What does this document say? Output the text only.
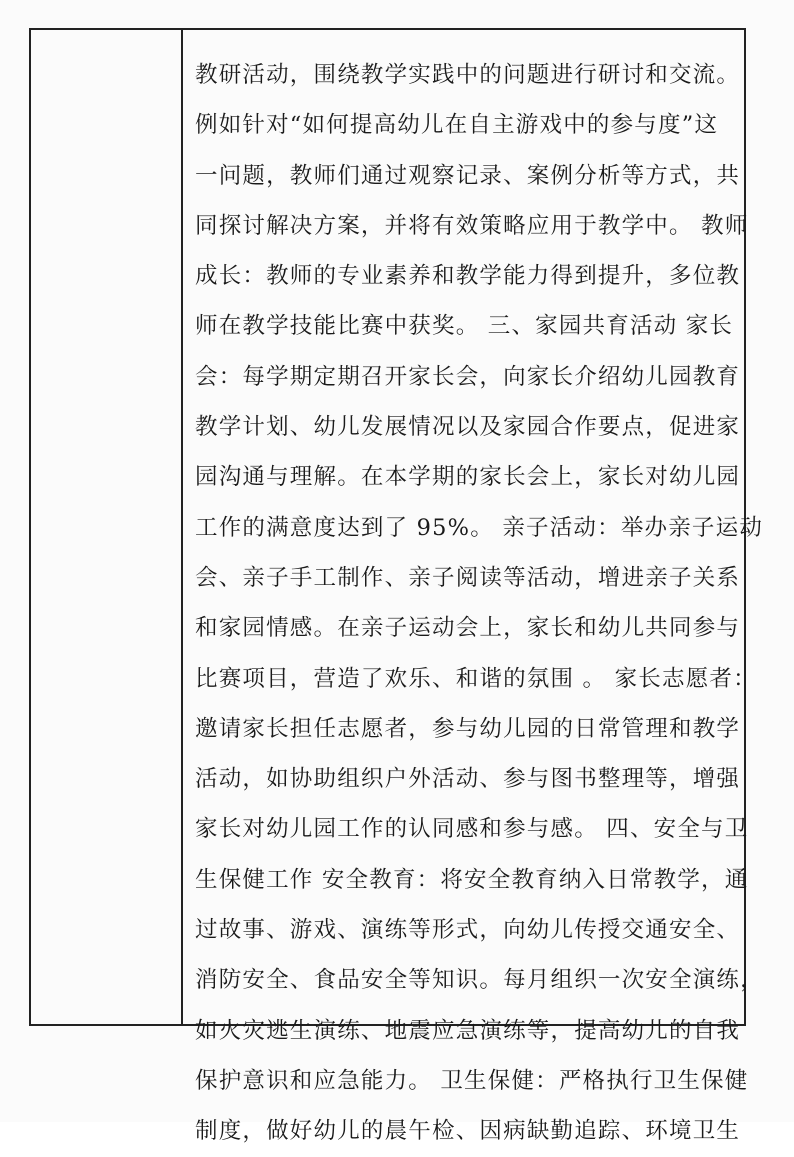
教研活动，围绕教学实践中的问题进行研讨和交流。
例如针对“如何提高幼儿在自主游戏中的参与度”这
一问题，教师们通过观察记录、案例分析等方式，共
同探讨解决方案，并将有效策略应用于教学中。 教师
成长：教师的专业素养和教学能力得到提升，多位教
师在教学技能比赛中获奖。 三、家园共育活动 家长
会：每学期定期召开家长会，向家长介绍幼儿园教育
教学计划、幼儿发展情况以及家园合作要点，促进家
园沟通与理解。在本学期的家长会上，家长对幼儿园
工作的满意度达到了 95%。 亲子活动：举办亲子运动
会、亲子手工制作、亲子阅读等活动，增进亲子关系
和家园情感。在亲子运动会上，家长和幼儿共同参与
比赛项目，营造了欢乐、和谐的氛围 。 家长志愿者：
邀请家长担任志愿者，参与幼儿园的日常管理和教学
活动，如协助组织户外活动、参与图书整理等，增强
家长对幼儿园工作的认同感和参与感。 四、安全与卫
生保健工作 安全教育：将安全教育纳入日常教学，通
过故事、游戏、演练等形式，向幼儿传授交通安全、
消防安全、食品安全等知识。每月组织一次安全演练，
如火灾逃生演练、地震应急演练等，提高幼儿的自我
保护意识和应急能力。 卫生保健：严格执行卫生保健
制度，做好幼儿的晨午检、因病缺勤追踪、环境卫生
